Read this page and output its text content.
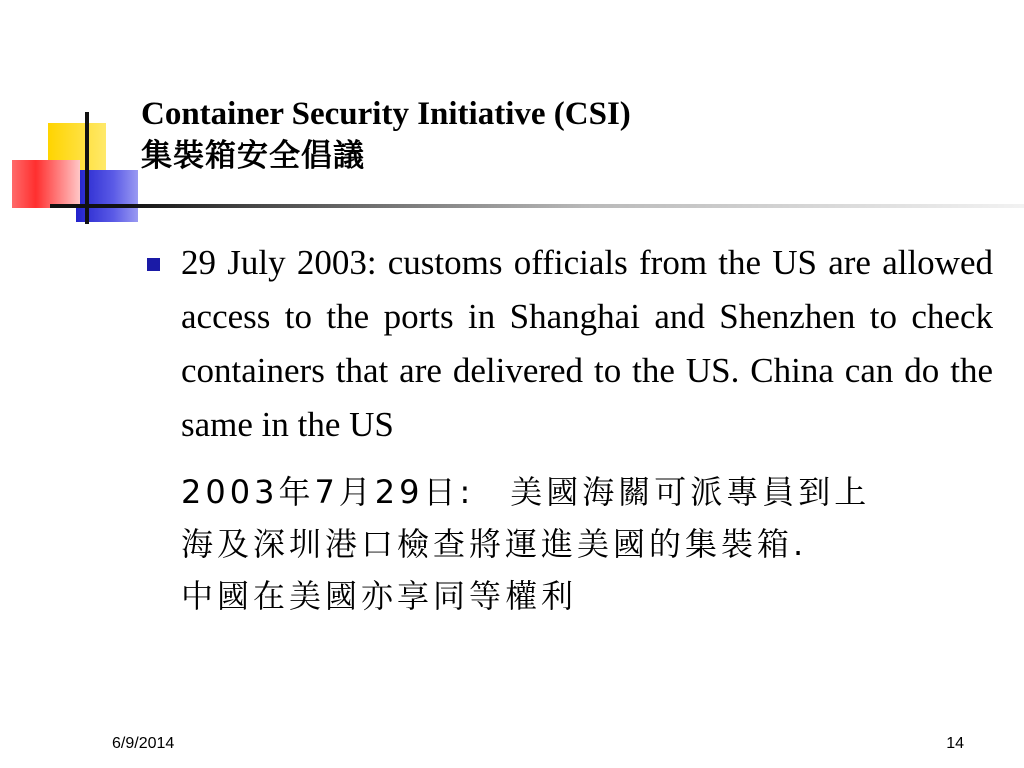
Container Security Initiative (CSI)
集裝箱安全倡議

29 July 2003: customs officials from the US are allowed access to the ports in Shanghai and Shenzhen to check containers that are delivered to the US. China can do the same in the US

2003年7月29日:　美國海關可派專員到上
海及深圳港口檢查將運進美國的集裝箱.
中國在美國亦享同等權利
6/9/2014	14
